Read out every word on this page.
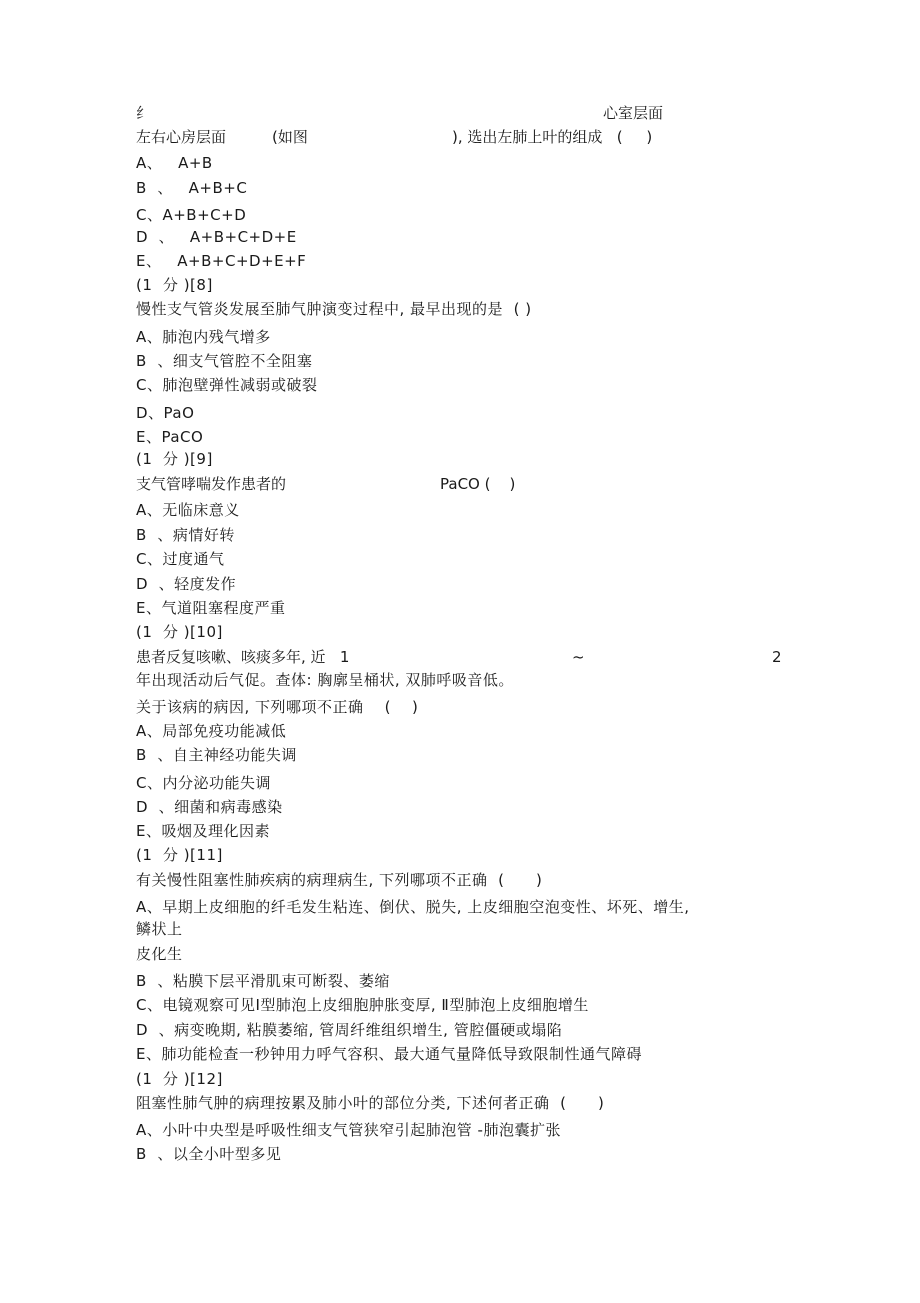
纟	心室层面
左右心房层面	(如图	), 选出左肺上叶的组成   (     )
A、   A+B
B  、   A+B+C
C、A+B+C+D
D  、   A+B+C+D+E
E、   A+B+C+D+E+F
(1  分 )[8]
慢性支气管炎发展至肺气肿演变过程中, 最早出现的是  ( )
A、肺泡内残气增多
B  、细支气管腔不全阻塞
C、肺泡壁弹性减弱或破裂
D、PaO
E、PaCO
(1  分 )[9]
支气管哮喘发作患者的	PaCO (    )
A、无临床意义
B  、病情好转
C、过度通气
D  、轻度发作
E、气道阻塞程度严重
(1  分 )[10]
患者反复咳嗽、咳痰多年, 近   1	~	2
年出现活动后气促。查体: 胸廓呈桶状, 双肺呼吸音低。
关于该病的病因, 下列哪项不正确    (    )
A、局部免疫功能减低
B  、自主神经功能失调
C、内分泌功能失调
D  、细菌和病毒感染
E、吸烟及理化因素
(1  分 )[11]
有关慢性阻塞性肺疾病的病理病生, 下列哪项不正确  (      )
A、早期上皮细胞的纤毛发生粘连、倒伏、脱失, 上皮细胞空泡变性、坏死、增生,
鳞状上
皮化生
B  、粘膜下层平滑肌束可断裂、萎缩
C、电镜观察可见Ⅰ型肺泡上皮细胞肿胀变厚, Ⅱ型肺泡上皮细胞增生
D  、病变晚期, 粘膜萎缩, 管周纤维组织增生, 管腔僵硬或塌陷
E、肺功能检查一秒钟用力呼气容积、最大通气量降低导致限制性通气障碍
(1  分 )[12]
阻塞性肺气肿的病理按累及肺小叶的部位分类, 下述何者正确  (      )
A、小叶中央型是呼吸性细支气管狭窄引起肺泡管 -肺泡囊扩张
B  、以全小叶型多见
